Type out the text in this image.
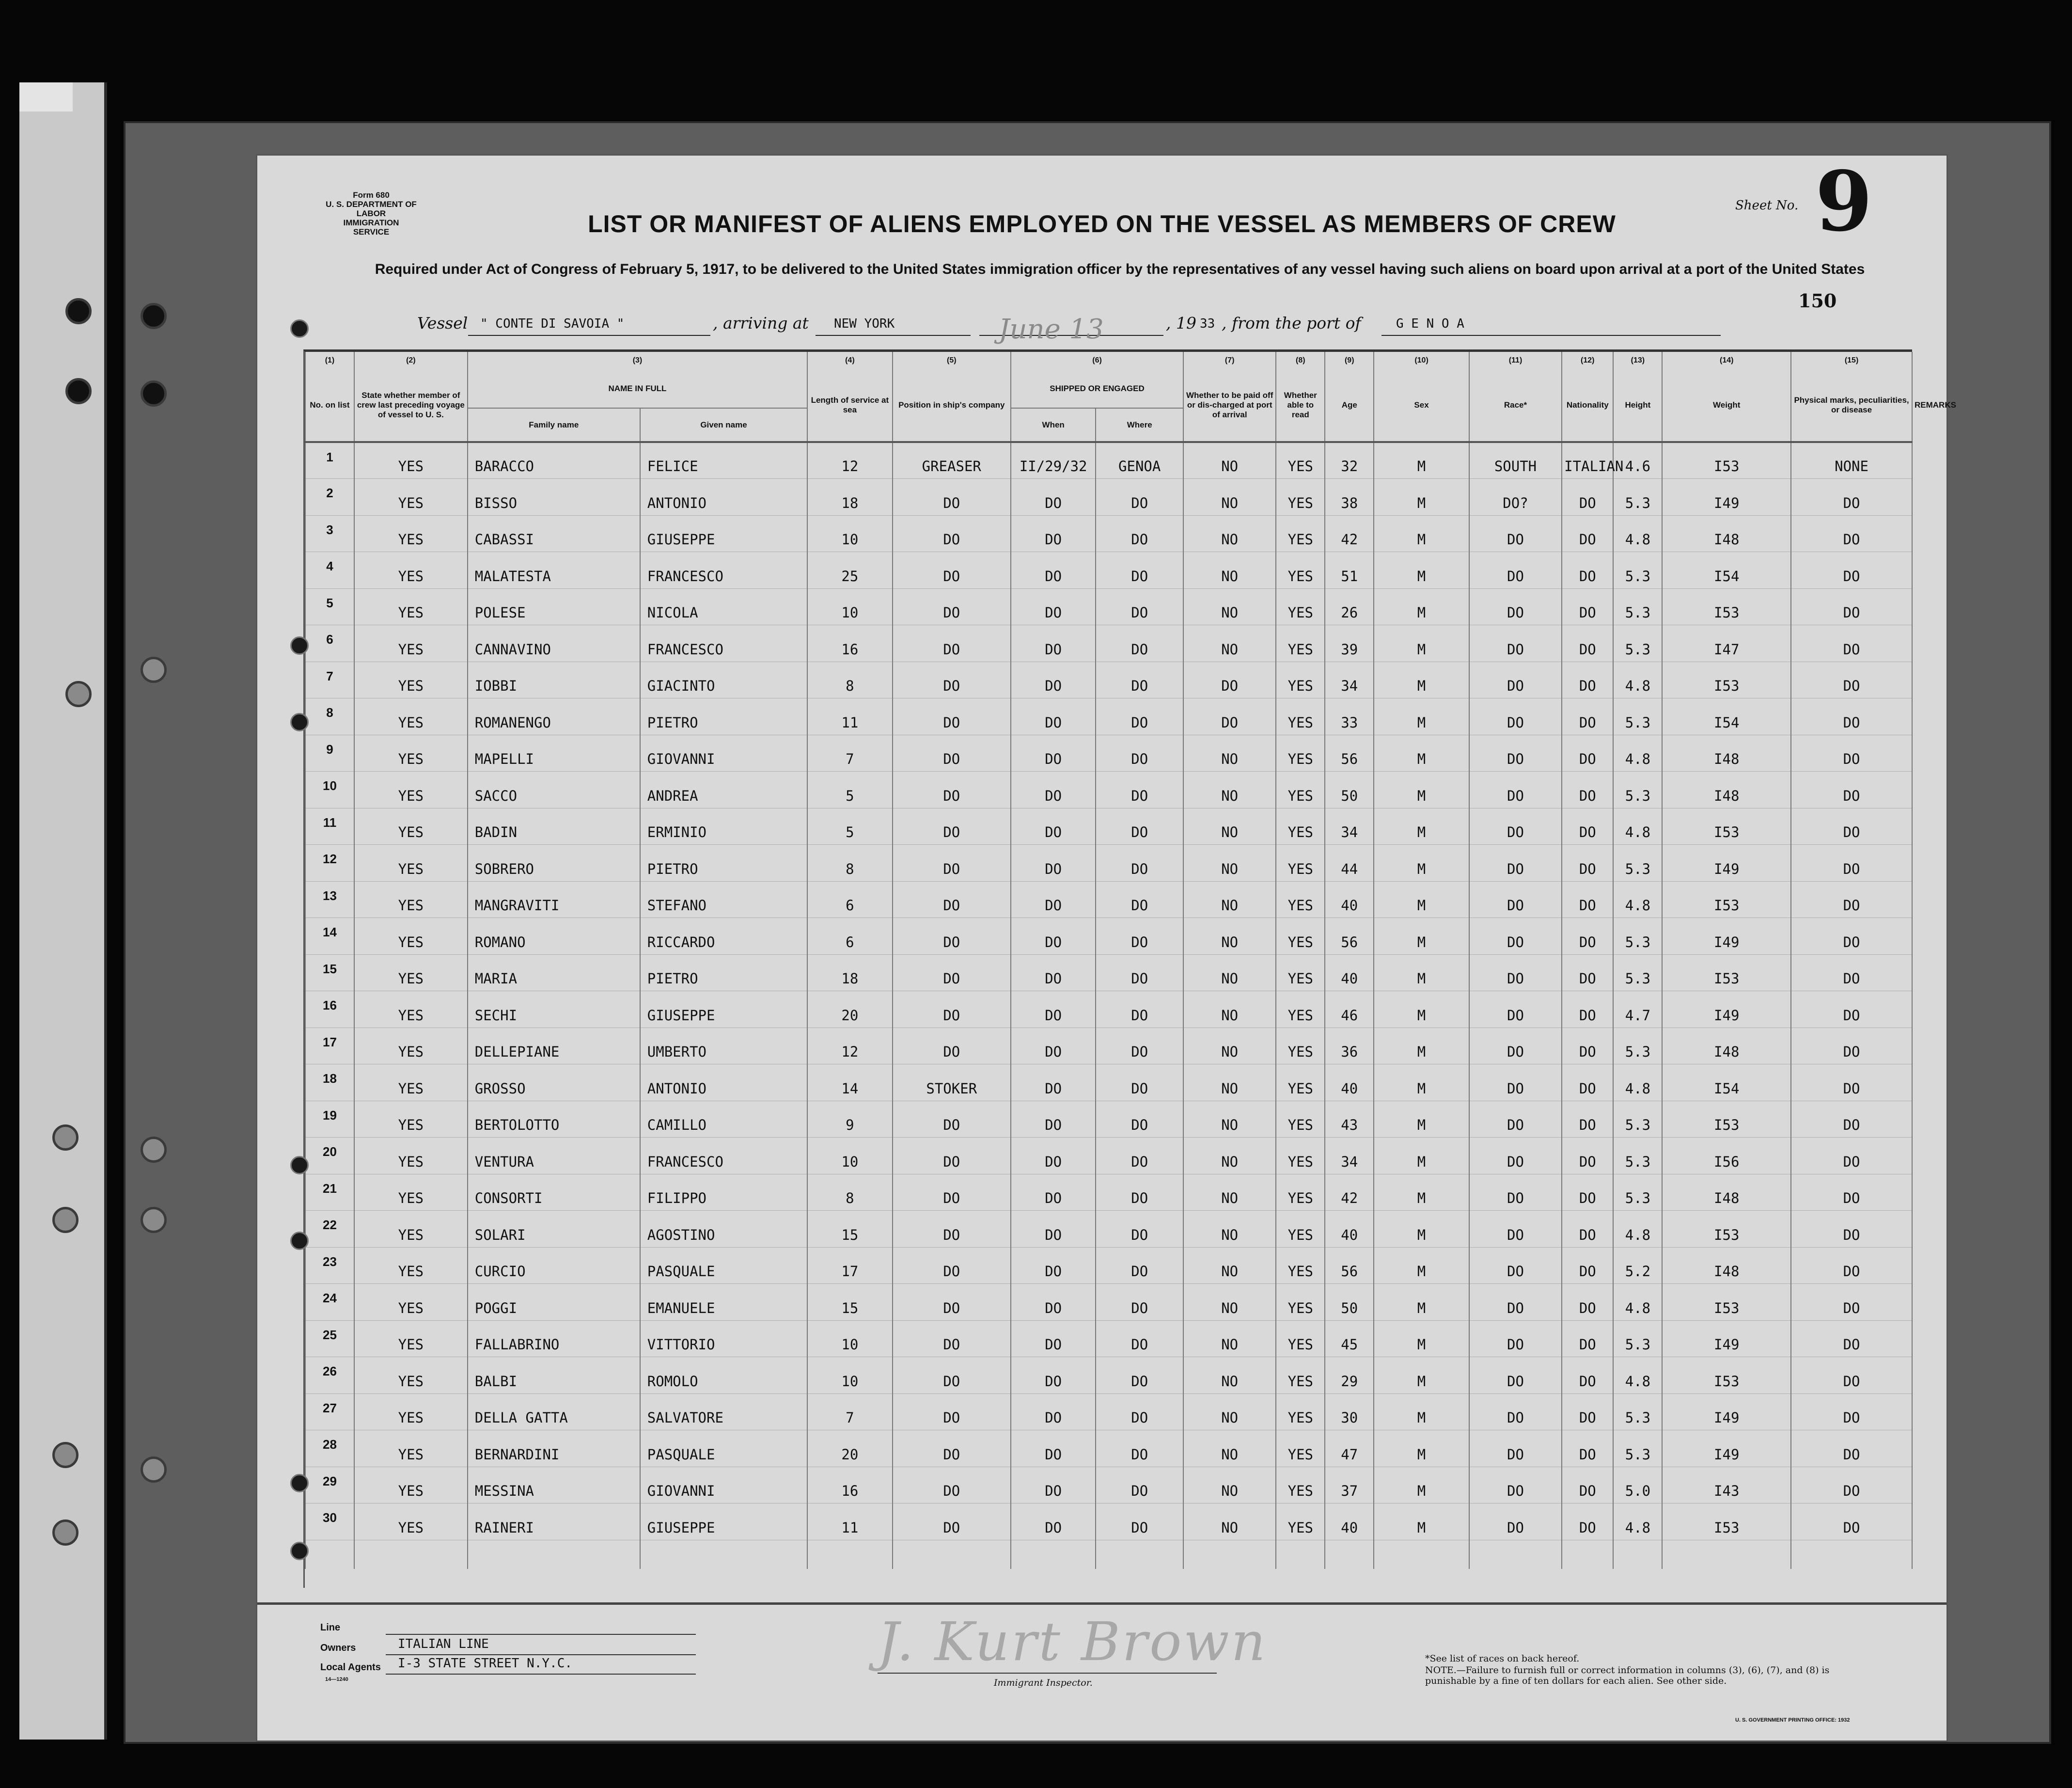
Form 680
U. S. DEPARTMENT OF LABOR
IMMIGRATION SERVICE	LIST OR MANIFEST OF ALIENS EMPLOYED ON THE VESSEL AS MEMBERS OF CREW
Sheet No. 9
150
Required under Act of Congress of February 5, 1917, to be delivered to the United States immigration officer by the representatives of any vessel having such aliens on board upon arrival at a port of the United States
Vessel " CONTE DI SAVOIA "	, arriving at NEW YORK	June 13	, 19 33 , from the port of	G E N O A
(1)	(2)	(3)		(4)	(5)	(6)		(7)	(8)	(9)	(10)	(11)	(12)	(13)	(14)	(15)	
No. on list	State whether member of crew last preceding voyage of vessel to U. S.	NAME IN FULL		Length of service at sea	Position in ship's company	SHIPPED OR ENGAGED		Whether to be paid off or dis-charged at port of arrival	Whether able to read	Age	Sex	Race*	Nationality	Height	Weight	Physical marks, peculiarities, or disease	REMARKS
		Family name	Given name			When	Where										
1	YES	BARACCO	FELICE	12	GREASER	II/29/32	GENOA	NO	YES	32	M	SOUTH	ITALIAN	4.6	I53	NONE	
2	YES	BISSO	ANTONIO	18	DO	DO	DO	NO	YES	38	M	DO?	DO	5.3	I49	DO	
3	YES	CABASSI	GIUSEPPE	10	DO	DO	DO	NO	YES	42	M	DO	DO	4.8	I48	DO	
4	YES	MALATESTA	FRANCESCO	25	DO	DO	DO	NO	YES	51	M	DO	DO	5.3	I54	DO	
5	YES	POLESE	NICOLA	10	DO	DO	DO	NO	YES	26	M	DO	DO	5.3	I53	DO	
6	YES	CANNAVINO	FRANCESCO	16	DO	DO	DO	NO	YES	39	M	DO	DO	5.3	I47	DO	
7	YES	IOBBI	GIACINTO	8	DO	DO	DO	DO	YES	34	M	DO	DO	4.8	I53	DO	
8	YES	ROMANENGO	PIETRO	11	DO	DO	DO	DO	YES	33	M	DO	DO	5.3	I54	DO	
9	YES	MAPELLI	GIOVANNI	7	DO	DO	DO	NO	YES	56	M	DO	DO	4.8	I48	DO	
10	YES	SACCO	ANDREA	5	DO	DO	DO	NO	YES	50	M	DO	DO	5.3	I48	DO	
11	YES	BADIN	ERMINIO	5	DO	DO	DO	NO	YES	34	M	DO	DO	4.8	I53	DO	
12	YES	SOBRERO	PIETRO	8	DO	DO	DO	NO	YES	44	M	DO	DO	5.3	I49	DO	
13	YES	MANGRAVITI	STEFANO	6	DO	DO	DO	NO	YES	40	M	DO	DO	4.8	I53	DO	
14	YES	ROMANO	RICCARDO	6	DO	DO	DO	NO	YES	56	M	DO	DO	5.3	I49	DO	
15	YES	MARIA	PIETRO	18	DO	DO	DO	NO	YES	40	M	DO	DO	5.3	I53	DO	
16	YES	SECHI	GIUSEPPE	20	DO	DO	DO	NO	YES	46	M	DO	DO	4.7	I49	DO	
17	YES	DELLEPIANE	UMBERTO	12	DO	DO	DO	NO	YES	36	M	DO	DO	5.3	I48	DO	
18	YES	GROSSO	ANTONIO	14	STOKER	DO	DO	NO	YES	40	M	DO	DO	4.8	I54	DO	
19	YES	BERTOLOTTO	CAMILLO	9	DO	DO	DO	NO	YES	43	M	DO	DO	5.3	I53	DO	
20	YES	VENTURA	FRANCESCO	10	DO	DO	DO	NO	YES	34	M	DO	DO	5.3	I56	DO	
21	YES	CONSORTI	FILIPPO	8	DO	DO	DO	NO	YES	42	M	DO	DO	5.3	I48	DO	
22	YES	SOLARI	AGOSTINO	15	DO	DO	DO	NO	YES	40	M	DO	DO	4.8	I53	DO	
23	YES	CURCIO	PASQUALE	17	DO	DO	DO	NO	YES	56	M	DO	DO	5.2	I48	DO	
24	YES	POGGI	EMANUELE	15	DO	DO	DO	NO	YES	50	M	DO	DO	4.8	I53	DO	
25	YES	FALLABRINO	VITTORIO	10	DO	DO	DO	NO	YES	45	M	DO	DO	5.3	I49	DO	
26	YES	BALBI	ROMOLO	10	DO	DO	DO	NO	YES	29	M	DO	DO	4.8	I53	DO	
27	YES	DELLA GATTA	SALVATORE	7	DO	DO	DO	NO	YES	30	M	DO	DO	5.3	I49	DO	
28	YES	BERNARDINI	PASQUALE	20	DO	DO	DO	NO	YES	47	M	DO	DO	5.3	I49	DO	
29	YES	MESSINA	GIOVANNI	16	DO	DO	DO	NO	YES	37	M	DO	DO	5.0	I43	DO	
30	YES	RAINERI	GIUSEPPE	11	DO	DO	DO	NO	YES	40	M	DO	DO	4.8	I53	DO	

Line
Owners	ITALIAN LINE
Local Agents I-3 STATE STREET N.Y.C.
14—1240
J. Kurt Brown
Immigrant Inspector.
*See list of races on back hereof.
NOTE.—Failure to furnish full or correct information in columns (3), (6), (7), and (8) is punishable by a fine of ten dollars for each alien. See other side.
U. S. GOVERNMENT PRINTING OFFICE: 1932
